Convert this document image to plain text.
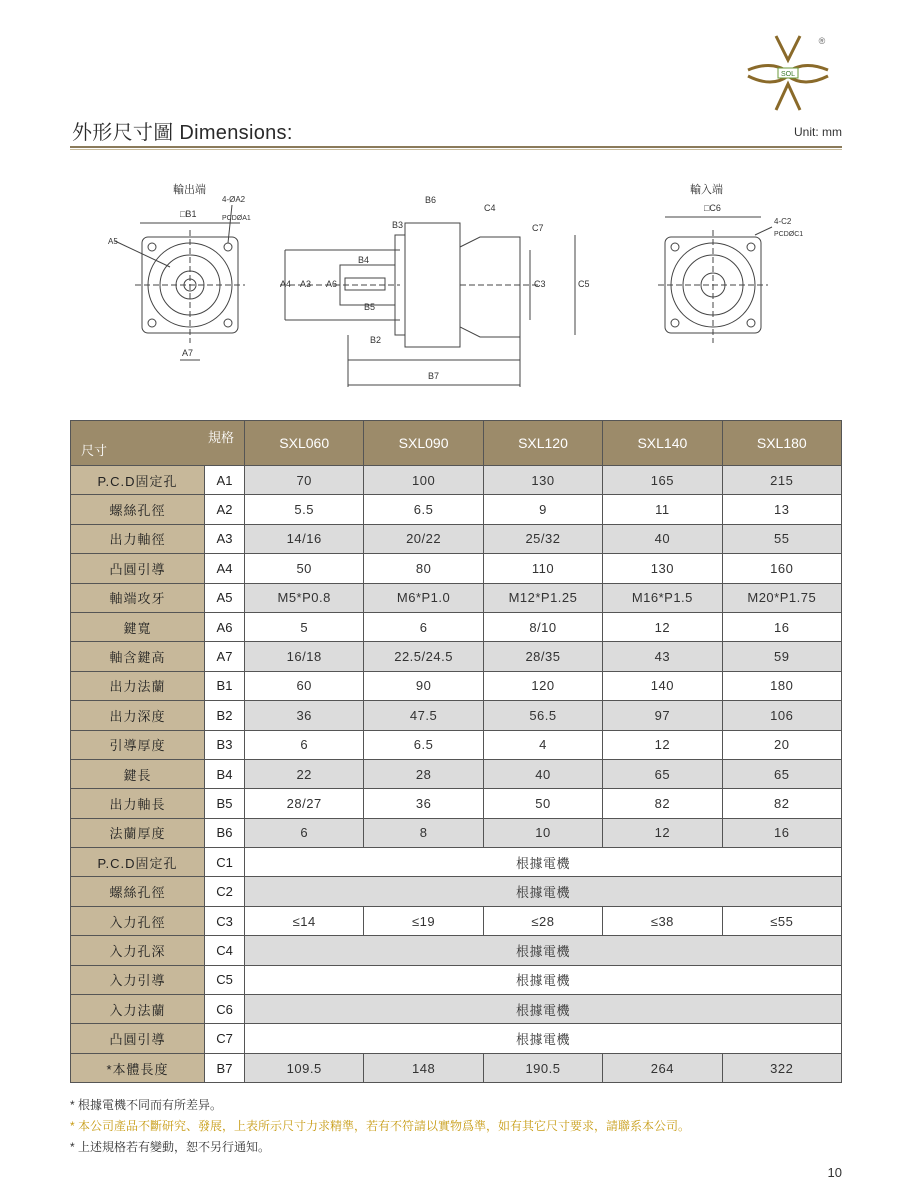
SOL
®
外形尺寸圖 Dimensions:	Unit: mm
輸出端	輸入端
□B1
4-ØA2
PCDØA1
A5
A7
B6
C4
B3	C7
B4
A4	A6
A3	C3	C5
B5
B2
B7
□C6
4-C2
PCDØC1
規格
尺寸		SXL060	SXL090	SXL120	SXL140	SXL180
P.C.D固定孔	A1	70	100	130	165	215
螺絲孔徑	A2	5.5	6.5	9	11	13
出力軸徑	A3	14/16	20/22	25/32	40	55
凸圓引導	A4	50	80	110	130	160
軸端攻牙	A5	M5*P0.8	M6*P1.0	M12*P1.25	M16*P1.5	M20*P1.75
鍵寬	A6	5	6	8/10	12	16
軸含鍵高	A7	16/18	22.5/24.5	28/35	43	59
出力法蘭	B1	60	90	120	140	180
出力深度	B2	36	47.5	56.5	97	106
引導厚度	B3	6	6.5	4	12	20
鍵長	B4	22	28	40	65	65
出力軸長	B5	28/27	36	50	82	82
法蘭厚度	B6	6	8	10	12	16
P.C.D固定孔	C1	根據電機				
螺絲孔徑	C2	根據電機				
入力孔徑	C3	≤14	≤19	≤28	≤38	≤55
入力孔深	C4	根據電機				
入力引導	C5	根據電機				
入力法蘭	C6	根據電機				
凸圓引導	C7	根據電機				
*本體長度	B7	109.5	148	190.5	264	322
* 根據電機不同而有所差异。
* 本公司產品不斷研究、發展，上表所示尺寸力求精準，若有不符請以實物爲準，如有其它尺寸要求，請聯系本公司。
* 上述規格若有變動，恕不另行通知。
10
